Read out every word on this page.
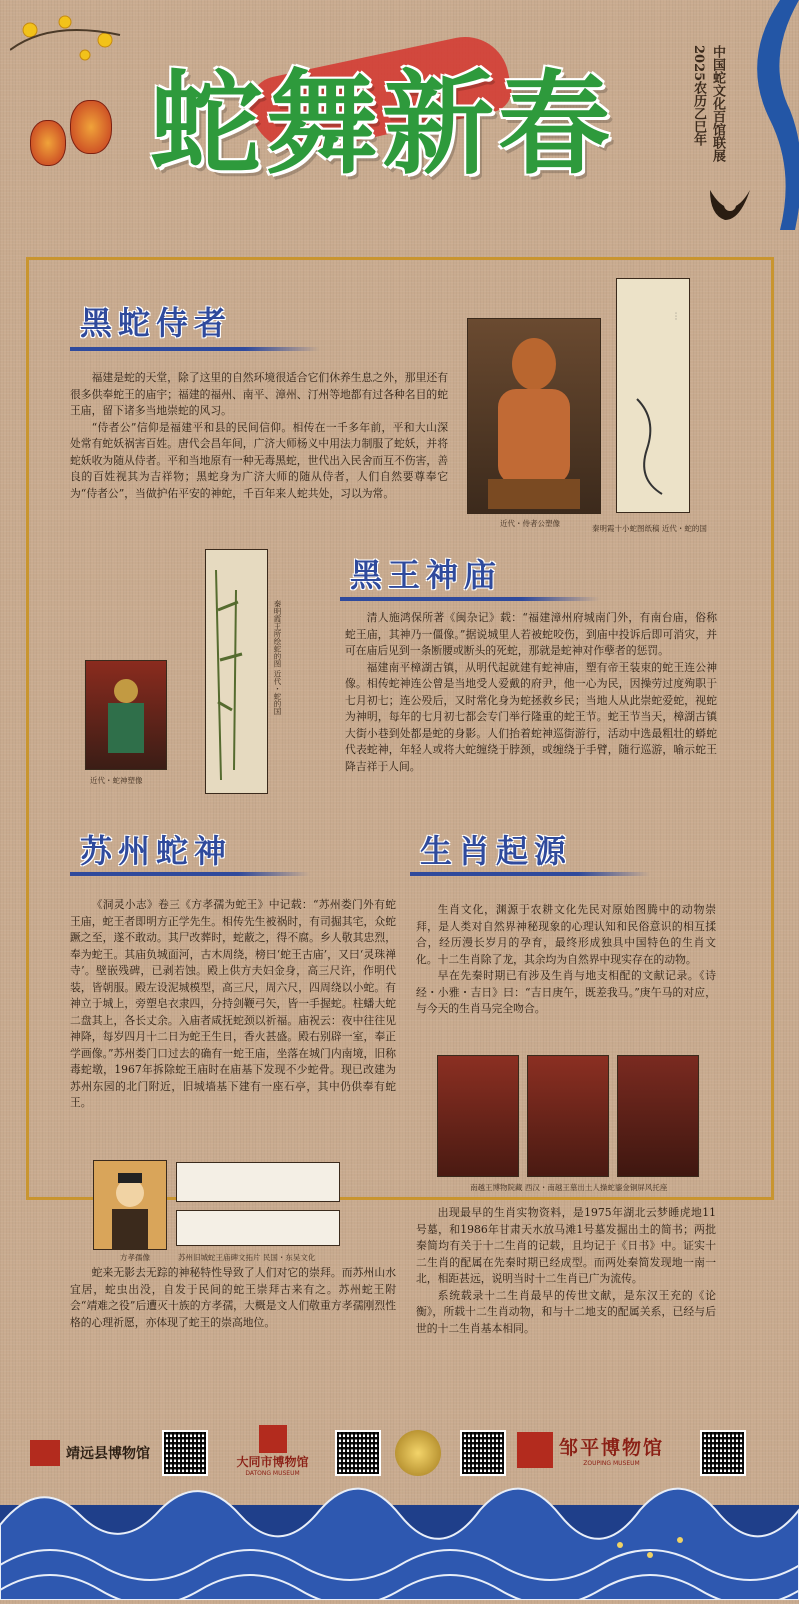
蛇舞新春	2025农历乙巳年 中国蛇文化百馆联展
黑蛇侍者

福建是蛇的天堂，除了这里的自然环境很适合它们休养生息之外，那里还有很多供奉蛇王的庙宇；福建的福州、南平、漳州、汀州等地都有过各种名目的蛇王庙，留下诸多当地崇蛇的风习。

“侍者公”信仰是福建平和县的民间信仰。相传在一千多年前，平和大山深处常有蛇妖祸害百姓。唐代会昌年间，广济大师杨义中用法力制服了蛇妖，并将蛇妖收为随从侍者。平和当地原有一种无毒黑蛇，世代出入民舍而互不伤害，善良的百姓视其为吉祥物；黑蛇身为广济大师的随从侍者，人们自然要尊奉它为“侍者公”，当做护佑平安的神蛇，千百年来人蛇共处，习以为常。

近代・侍者公塑像
︙
秦明霞十小蛇图纸稿 近代・蛇的国
黑王神庙

清人施鸿保所著《闽杂记》载：“福建漳州府城南门外，有南台庙，俗称蛇王庙，其神乃一僵像。”据说城里人若被蛇咬伤，到庙中投诉后即可消灾，并可在庙后见到一条断腰或断头的死蛇，那就是蛇神对作孽者的惩罚。

福建南平樟湖古镇，从明代起就建有蛇神庙，塑有帝王装束的蛇王连公神像。相传蛇神连公曾是当地受人爱戴的府尹，他一心为民，因操劳过度殉职于七月初七；连公殁后，又时常化身为蛇拯救乡民；当地人从此崇蛇爱蛇，视蛇为神明，每年的七月初七都会专门举行隆重的蛇王节。蛇王节当天，樟湖古镇大街小巷到处都是蛇的身影。人们抬着蛇神巡街游行，活动中选最粗壮的蟒蛇代表蛇神，年轻人或将大蛇缠绕于脖颈，或缠绕于手臂，随行巡游，喻示蛇王降吉祥于人间。

近代・蛇神塑像
秦明霞王所绘蛇的图 近代・蛇的国
苏州蛇神

《洞灵小志》卷三《方孝孺为蛇王》中记载：“苏州娄门外有蛇王庙，蛇王者即明方正学先生。相传先生被祸时，有司掘其宅，众蛇蹶之至，遂不敢动。其尸改葬时，蛇蔽之，得不腐。乡人敬其忠烈，奉为蛇王。其庙负城面河，古木周绕，榜曰‘蛇王古庙’，又曰‘灵珠禅寺’。壁嵌残碑，已剥若蚀。殿上供方夫妇金身，高三尺许，作明代装，皆朝服。殿左设泥城模型，高三尺，周六尺，四周绕以小蛇。有神立于城上，旁塑皂衣隶四，分持剑鞭弓矢，皆一手握蛇。柱蟠大蛇二盘其上，各长丈余。入庙者咸抚蛇颈以祈福。庙祝云：夜中往往见神降，每岁四月十二日为蛇王生日，香火甚盛。殿右别辟一室，奉正学画像。”苏州娄门口过去的确有一蛇王庙，坐落在城门内南境，旧称毒蛇墩，1967年拆除蛇王庙时在庙基下发现不少蛇骨。现已改建为苏州东园的北门附近，旧城墙基下建有一座石亭，其中仍供奉有蛇王。

方孝孺像	苏州旧城蛇王庙碑文拓片 民国・东吴文化

蛇来无影去无踪的神秘特性导致了人们对它的崇拜。而苏州山水宜居，蛇虫出没，自发于民间的蛇王崇拜古来有之。苏州蛇王附会“靖难之役”后遭灭十族的方孝孺，大概是文人们敬重方孝孺刚烈性格的心理祈愿，亦体现了蛇王的崇高地位。

生肖起源

生肖文化，渊源于农耕文化先民对原始图腾中的动物崇拜，是人类对自然界神秘现象的心理认知和民俗意识的相互揉合，经历漫长岁月的孕育，最终形成独具中国特色的生肖文化。十二生肖除了龙，其余均为自然界中现实存在的动物。

早在先秦时期已有涉及生肖与地支相配的文献记录。《诗经・小雅・吉日》曰：“吉日庚午，既差我马。”庚午马的对应，与今天的生肖马完全吻合。

南越王博物院藏 西汉・南越王墓出土人操蛇鎏金铜屏风托座

出现最早的生肖实物资料，是1975年湖北云梦睡虎地11号墓，和1986年甘肃天水放马滩1号墓发掘出土的简书；两批秦简均有关于十二生肖的记载，且均记于《日书》中。证实十二生肖的配属在先秦时期已经成型。而两处秦简发现地一南一北，相距甚远，说明当时十二生肖已广为流传。

系统载录十二生肖最早的传世文献，是东汉王充的《论衡》，所载十二生肖动物，和与十二地支的配属关系，已经与后世的十二生肖基本相同。

靖远县博物馆	大同市博物馆
DATONG MUSEUM
邹平博物馆
ZOUPING MUSEUM
